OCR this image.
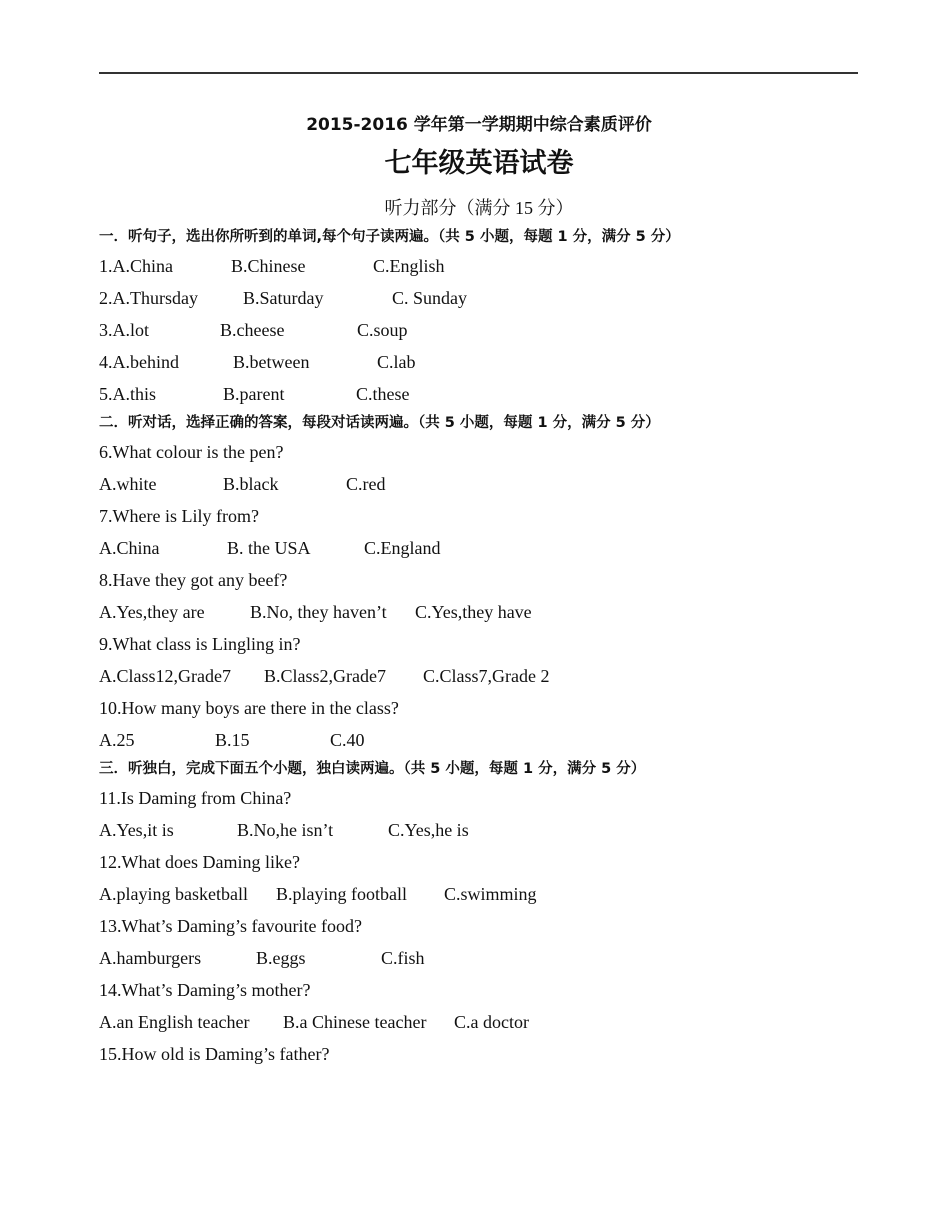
2015-2016 学年第一学期期中综合素质评价
七年级英语试卷
听力部分（满分 15 分）
一．听句子，选出你所听到的单词,每个句子读两遍。（共 5 小题，每题 1 分，满分 5 分）
1.A.China	B.Chinese	C.English
2.A.Thursday	B.Saturday	C. Sunday
3.A.lot	B.cheese	C.soup
4.A.behind	B.between	C.lab
5.A.this	B.parent	C.these
二．听对话，选择正确的答案，每段对话读两遍。（共 5 小题，每题 1 分，满分 5 分）
6.What colour is the pen?
A.white	B.black	C.red
7.Where is Lily from?
A.China	B. the USA	C.England
8.Have they got any beef?
A.Yes,they are	B.No, they haven’t C.Yes,they have
9.What class is Lingling in?
A.Class12,Grade7 B.Class2,Grade7 C.Class7,Grade 2
10.How many boys are there in the class?
A.25	B.15	C.40
三．听独白，完成下面五个小题，独白读两遍。（共 5 小题，每题 1 分，满分 5 分）
11.Is Daming from China?
A.Yes,it is	B.No,he isn’t	C.Yes,he is
12.What does Daming like?
A.playing basketball B.playing football C.swimming
13.What’s Daming’s favourite food?
A.hamburgers	B.eggs	C.fish
14.What’s Daming’s mother?
A.an English teacher B.a Chinese teacher C.a doctor
15.How old is Daming’s father?
